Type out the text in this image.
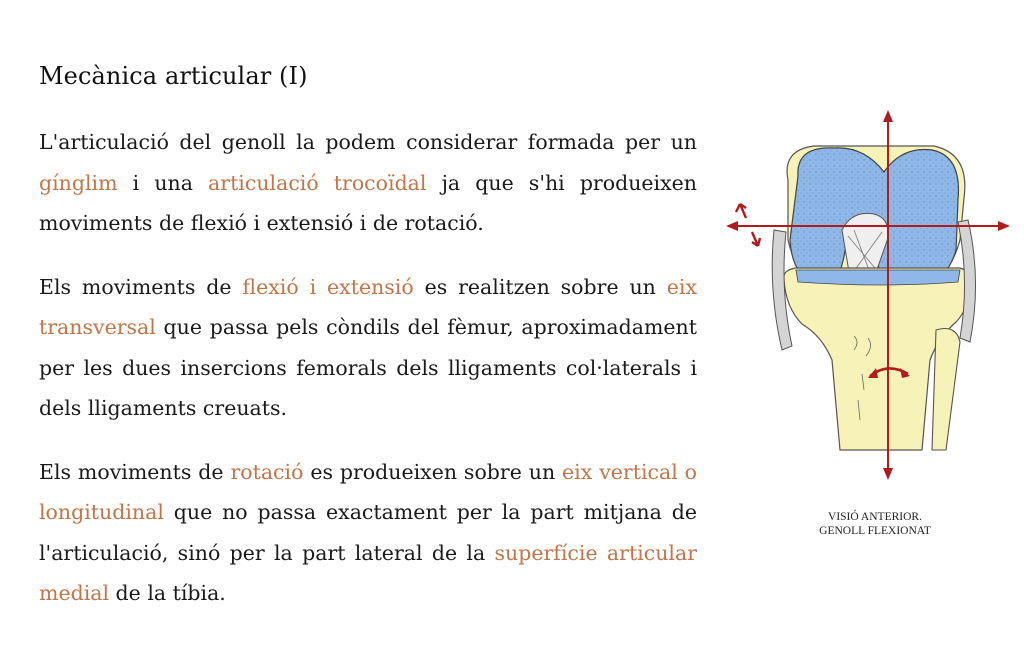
Mecànica articular (I)

L'articulació del genoll la podem considerar formada per un gínglim i una articulació trocoïdal ja que s'hi produeixen moviments de flexió i extensió i de rotació.

Els moviments de flexió i extensió es realitzen sobre un eix transversal que passa pels còndils del fèmur, aproximadament per les dues insercions femorals dels lligaments col·laterals i dels lligaments creuats.

Els moviments de rotació es produeixen sobre un eix vertical o longitudinal que no passa exactament per la part mitjana de l'articulació, sinó per la part lateral de la superfície articular medial de la tíbia.

VISIÓ ANTERIOR.
GENOLL FLEXIONAT
